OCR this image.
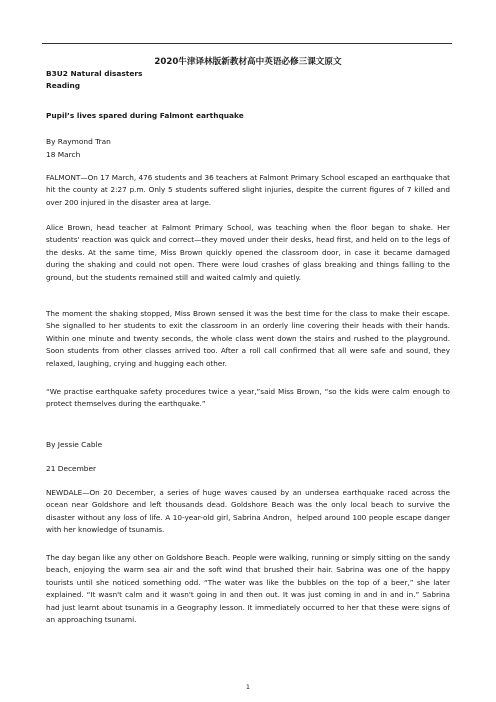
2020牛津译林版新教材高中英语必修三课文原文
B3U2 Natural disasters
Reading
Pupil’s lives spared during Falmont earthquake
By Raymond Tran
18 March
FALMONT—On 17 March, 476 students and 36 teachers at Falmont Primary School escaped an earthquake that hit the county at 2:27 p.m. Only 5 students suffered slight injuries, despite the current figures of 7 killed and over 200 injured in the disaster area at large.
Alice Brown, head teacher at Falmont Primary School, was teaching when the floor began to shake. Her students' reaction was quick and correct—they moved under their desks, head first, and held on to the legs of the desks. At the same time, Miss Brown quickly opened the classroom door, in case it became damaged during the shaking and could not open. There were loud crashes of glass breaking and things falling to the ground, but the students remained still and waited calmly and quietly.
The moment the shaking stopped, Miss Brown sensed it was the best time for the class to make their escape. She signalled to her students to exit the classroom in an orderly line covering their heads with their hands. Within one minute and twenty seconds, the whole class went down the stairs and rushed to the playground. Soon students from other classes arrived too. After a roll call confirmed that all were safe and sound, they relaxed, laughing, crying and hugging each other.
“We practise earthquake safety procedures twice a year,”said Miss Brown, “so the kids were calm enough to protect themselves during the earthquake.”
By Jessie Cable
21 December
NEWDALE—On 20 December, a series of huge waves caused by an undersea earthquake raced across the ocean near Goldshore and left thousands dead. Goldshore Beach was the only local beach to survive the disaster without any loss of life. A 10-year-old girl, Sabrina Andron，helped around 100 people escape danger with her knowledge of tsunamis.
The day began like any other on Goldshore Beach. People were walking, running or simply sitting on the sandy beach, enjoying the warm sea air and the soft wind that brushed their hair. Sabrina was one of the happy tourists until she noticed something odd. “The water was like the bubbles on the top of a beer,” she later explained. “It wasn't calm and it wasn't going in and then out. It was just coming in and in and in.” Sabrina had just learnt about tsunamis in a Geography lesson. It immediately occurred to her that these were signs of an approaching tsunami.
1
